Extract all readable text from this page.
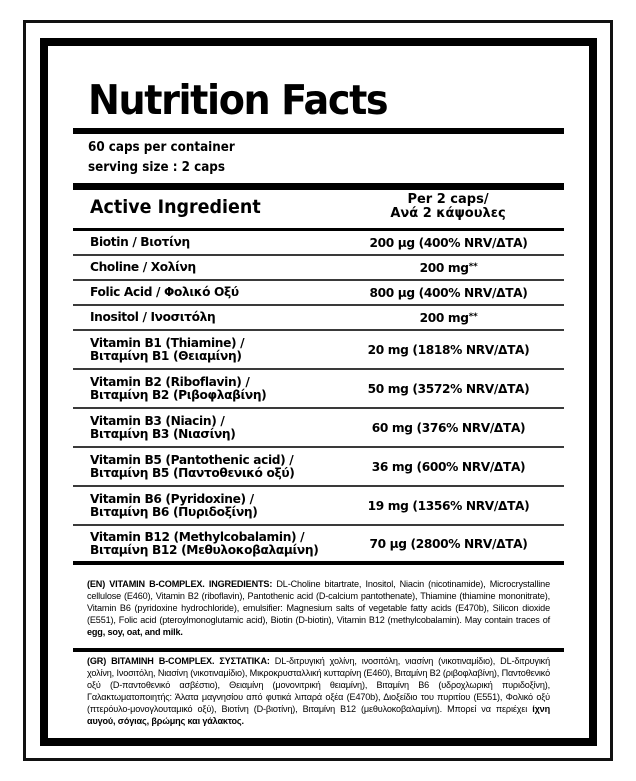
Nutrition Facts
60 caps per container
serving size : 2 caps
Active Ingredient	Per 2 caps/
Ανά 2 κάψουλες
Biotin / Βιοτίνη	200 µg (400% NRV/ΔΤΑ)
Choline / Χολίνη	200 mg**
Folic Acid / Φολικό Οξύ	800 µg (400% NRV/ΔΤΑ)
Inositol / Ινοσιτόλη	200 mg**
Vitamin B1 (Thiamine) /
Βιταμίνη B1 (Θειαμίνη)	20 mg (1818% NRV/ΔΤΑ)
Vitamin B2 (Riboflavin) /
Βιταμίνη B2 (Ριβοφλαβίνη)	50 mg (3572% NRV/ΔΤΑ)
Vitamin B3 (Niacin) /
Βιταμίνη B3 (Νιασίνη)	60 mg (376% NRV/ΔΤΑ)
Vitamin B5 (Pantothenic acid) /
Βιταμίνη B5 (Παντοθενικό οξύ)	36 mg (600% NRV/ΔΤΑ)
Vitamin B6 (Pyridoxine) /
Βιταμίνη B6 (Πυριδοξίνη)	19 mg (1356% NRV/ΔΤΑ)
Vitamin B12 (Methylcobalamin) /
Βιταμίνη B12 (Μεθυλοκοβαλαμίνη)	70 µg (2800% NRV/ΔΤΑ)
(EN) VITAMIN B-COMPLEX. INGREDIENTS: DL-Choline bitartrate, Inositol, Niacin (nicotinamide), Microcrystalline cellulose (E460), Vitamin B2 (riboflavin), Pantothenic acid (D-calcium pantothenate), Thiamine (thiamine mononitrate), Vitamin B6 (pyridoxine hydrochloride), emulsifier: Magnesium salts of vegetable fatty acids (E470b), Silicon dioxide (E551), Folic acid (pteroylmonoglutamic acid), Biotin (D-biotin), Vitamin B12 (methylcobalamin). May contain traces of egg, soy, oat, and milk.
(GR) ΒΙΤΑΜΙΝΗ B-COMPLEX. ΣΥΣΤΑΤΙΚΑ: DL-διτρυγική χολίνη, ινοσιτόλη, νιασίνη (νικοτιναμίδιο), DL-διτρυγική χολίνη, Ινοσιτόλη, Νιασίνη (νικοτιναμίδιο), Μικροκρυσταλλική κυτταρίνη (E460), Βιταμίνη B2 (ριβοφλαβίνη), Παντοθενικό οξύ (D-παντοθενικό ασβέστιο), Θειαμίνη (μονονιτρική θειαμίνη), Βιταμίνη B6 (υδροχλωρική πυριδοξίνη), Γαλακτωματοποιητής: Άλατα μαγνησίου από φυτικά λιπαρά οξέα (E470b), Διοξείδιο του πυριτίου (E551), Φολικό οξύ (πτερόυλο-μονογλουταμικό οξύ), Βιοτίνη (D-βιοτίνη), Βιταμίνη B12 (μεθυλοκοβαλαμίνη). Μπορεί να περιέχει ίχνη αυγού, σόγιας, βρώμης και γάλακτος.
